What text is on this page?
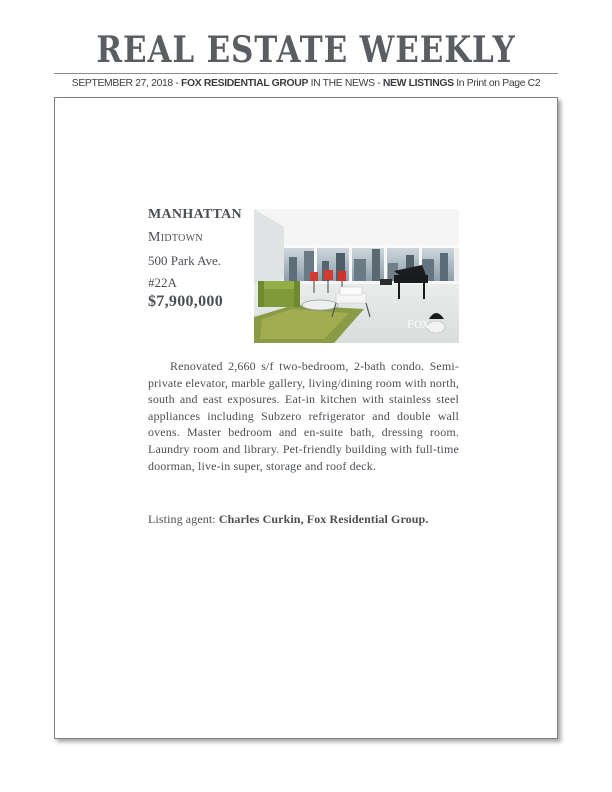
REAL ESTATE WEEKLY
SEPTEMBER 27, 2018 - FOX RESIDENTIAL GROUP IN THE NEWS - NEW LISTINGS In Print on Page C2
MANHATTAN
Midtown
500 Park Ave.
#22A
$7,900,000
FOX
Renovated 2,660 s/f two-bedroom, 2-bath condo. Semi-private elevator, marble gallery, living/dining room with north, south and east exposures. Eat-in kitchen with stainless steel appliances including Subzero refrigerator and double wall ovens. Master bedroom and en-suite bath, dressing room. Laundry room and library. Pet-friendly building with full-time doorman, live-in super, storage and roof deck.
Listing agent: Charles Curkin, Fox Residential Group.
